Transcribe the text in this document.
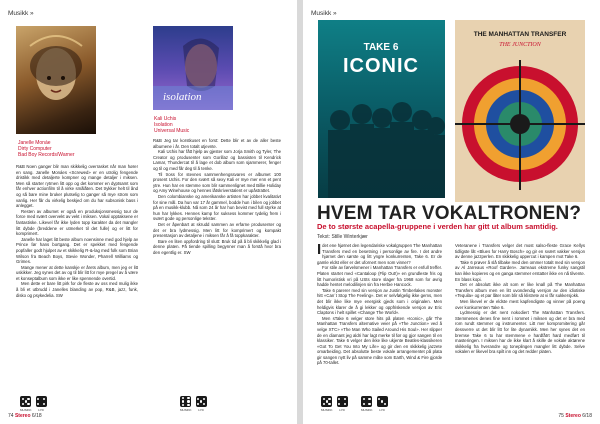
Musikk »
isolation
Janelle Monáe
Dirty Computer
Bad Boy Records/Warner
Kali Uchis
Isolation
Universal Music

R&B Noen ganger blir man skikkelig overrasket når man hører en sang. Janelle Monáes «Screwed» er en utrolig fengende dristikk med detaljerte kompner og mange detaljer i miksen. Men så starter rytmen litt opp og det kommer en dyptsamt som får enhver actionfilm til å virke smålåten. Det trykker helt til ånd og så bare mine bruker plutselig to ganger så mye strom som vanlig. Her får du virkelig beskjed om du har subsonisk bass i anlegget.

Resten av albumet er også en produksjonsmessig tour de force med svært overvekt av vekt i miksen. Vokal opptaksene er fantastiske. Likevel får ikke lyden topp karakter da det mangler litt dybde (breddene er utmerket til det fulle) og er litt for komprimert.

Janelle har laget litt beste album noensinne med god hjelp av Prince før hans bortgang. Det er spekket med fengende popfaller godt hjulpet av et skikkelig R-&-lag med folk som Brian Wilson fra Beach Boys, Stevie Wonder, Pharrell Williams og Grimes.

Mange mener at dette kanskje er årets album, men jeg er litt uskikker. Jeg synes det av og til blir litt for mye pregel av å være et konseptalbum som ikke er like spennende overtid.

Men dette er bare litt pirk for de fleste av oss med mulig ikke å bli et utbrudd i Janelles blanding av pop, R&B, jazz, funk, disko og psykedelia. SW

R&B Jeg tar korstkuset en forst: Dette blir et av de aller beste albumene i år. Den totalt utjevnte.

Kali Uchis har fått hjelp av gjester som Jorja Smith og Tyler, The Creator og produsenter som Gorillaz og bassisten til Kendrick Lamar, Thundercat til å lage et dob album som sjammerer, fenger og til og med får deg til å tenke.

Til tross for stevnes sammenhengssvares er albumet 100 prosent Uchis. For den svært så sexy Kali er mye mer enn et pent ytre. Hun har en stemme som blir sammenlignet med Billie Holiday og Amy Winehouse og hennes låtskriverstalent er upåstrattet.

Den colombianske og amerikanske artisten har jobbet kvalitativt for sine mål. Da hun var 17 år gammel, bodde hun i bilen og jobbet på en musikk-klubb. Nå som 24 år har hun bevist med full styrke at hun har lykkes. Hennes kamp for suksess kommer tydelig frem i svært gode og personlige tekster.

Det er åpenbart at skrudd sammen av erfarne produsenter og det er bra lydmessig. Men litt for komprimert og kompakt presentasjon av detaljene i miksen får å få toppkarakter.

Bare en liten oppfordring til slutt: Bruk tid på å bli skikkelig glad i denne platen. På tiende spilling begynner man å forstå hvor bra den egentlig er. SW

MUSIKK LYD	MUSIKK LYD
74 Stereo 6/18
Musikk »
TAKE 6
ICONIC
THE MANHATTAN TRANSFER
THE JUNCTION
HVEM TAR VOKALTRONEN?
De to største acapella-gruppene i verden har gitt ut album samtidig.
Tekst: Stille Winterkjær

Idet ene hjørnet den legendariske vokalgruppen The Manhattan Transfers med en besetning i personlige av fire. I det andre hjørnet den sørste og litt yngre konkurrenten, Take 6. Er de gamle eldst eller er det ufornert men som vinner?

For stile av førvelsmener i Manhattan Transfers er enfull treffer. Platen startet med «Cantaloop (Flip Out!)» en grundleste fris og litt humoristisk vri på USts store slager fra 1968 som for øvrig hadde hentet melodilinjen sin fra Herbie Hancock.

Take 6 parerer med sin versjon av Justin Timberlakes monster hitt «Can´t Stop The Feeling». Det er selvfølgelig ikke gems, men det blir ikke like mye energisk gjeds som i originalen. Men heldigvis klarer de å gi lekker og oppfriskende versjon av Eric Claptons i helt spillet «Change The World».

Men sTake 6 velger store hits på platen «Iconic», går The Manhattan Transfers alternative veier på «The Junction» ved å velge XTC» «The Man Who Sailed Around His Soul». Her slipper de en diamant jeg aldri har lagt merke til før og gjor sangen til en klassiker. Take 6 velger den ikke like ukjente Beatles-klassikeren «Got To Get You Into My Life» og gir den en skikkelig jazzete omarbeiding. Det absolutte beste vokale arrangementet på plata gir sangen nytt liv på samme måte som Earth, Wind & Fire gjorde på 70-tallet.

Veteranene i Transfers velger det most salso-fleste Grace Kellys tidligste låt «Blues for Harry Bosch» og gir en svært vakker versjon av denne jazzperlen. En skikkelig uppercut i kampen mot Take 6.

Take 6 prøver å slå tilbake med den ommer totalt med sin versjon av Al Jarreaus «Roof Garden». Jarreaus ekstreme funky sangstil kan ikke kopieres og en ganga stemmer erstatter ikke en nå tilvente. En blass kopi.

Det er absolutt ikke alt som er like knall på The Manhattan Transfers album men en litt uvondendig versjon av den idiotiske «Tequila» og et par låter som blir så klistrete at vi får sukkersjokk.

Men likevel er de eldste mest kapfendigste og vinner på poeng over konkurrenten Take 6.

Lydmessig er det nent nokodiert The Manhattan Transfers. Stemmenes denes fine nent i rommet i miksen og det er bra med rom rundt stemmer og instrumenter. Litt mer kompromitering går dessverre ut det blir litt for lite dynamikk. Men her synes det en bremse Take 6 to har stemmene e hardfåtrt hard medført til masteringen. I miksen har de ikke klart å skille de vokale aktørene skikkelig fra hverandre og toneplingen mangler litt dybde. Selve vokalen er likevel bra spilt inn og det redder platen.

MUSIKK LYD	MUSIKK LYD
75 Stereo 6/18
